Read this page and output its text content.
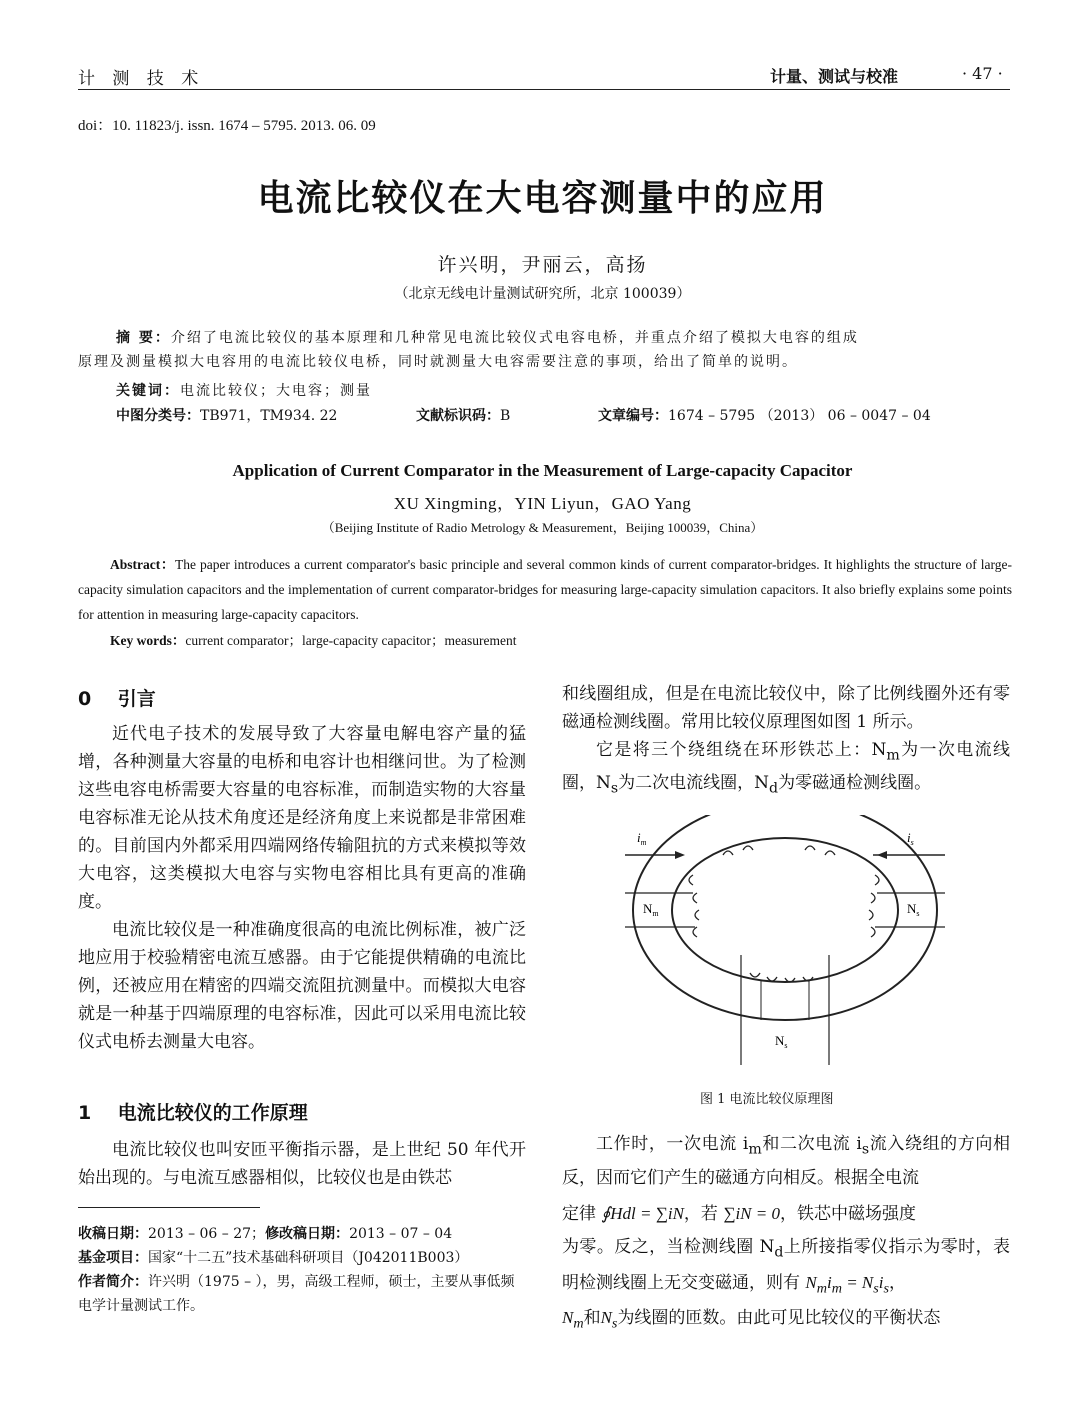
计 测 技 术	计量、测试与校准	· 47 ·
doi：10. 11823/j. issn. 1674 – 5795. 2013. 06. 09
电流比较仪在大电容测量中的应用
许兴明，尹丽云，高扬
（北京无线电计量测试研究所，北京 100039）
摘 要：介绍了电流比较仪的基本原理和几种常见电流比较仪式电容电桥，并重点介绍了模拟大电容的组成
原理及测量模拟大电容用的电流比较仪电桥，同时就测量大电容需要注意的事项，给出了简单的说明。
关键词：电流比较仪；大电容；测量
中图分类号：TB971，TM934. 22	文献标识码：B	文章编号：1674 – 5795 （2013） 06 – 0047 – 04
Application of Current Comparator in the Measurement of Large-capacity Capacitor
XU Xingming，YIN Liyun，GAO Yang
（Beijing Institute of Radio Metrology & Measurement，Beijing 100039，China）
Abstract：The paper introduces a current comparator's basic principle and several common kinds of current comparator-bridges. It highlights the structure of large-capacity simulation capacitors and the implementation of current comparator-bridges for measuring large-capacity simulation capacitors. It also briefly explains some points for attention in measuring large-capacity capacitors.
Key words：current comparator；large-capacity capacitor；measurement
0 引言

近代电子技术的发展导致了大容量电解电容产量的猛增，各种测量大容量的电桥和电容计也相继问世。为了检测这些电容电桥需要大容量的电容标准，而制造实物的大容量电容标准无论从技术角度还是经济角度上来说都是非常困难的。目前国内外都采用四端网络传输阻抗的方式来模拟等效大电容，这类模拟大电容与实物电容相比具有更高的准确度。

电流比较仪是一种准确度很高的电流比例标准，被广泛地应用于校验精密电流互感器。由于它能提供精确的电流比例，还被应用在精密的四端交流阻抗测量中。而模拟大电容就是一种基于四端原理的电容标准，因此可以采用电流比较仪式电桥去测量大电容。

1 电流比较仪的工作原理

电流比较仪也叫安匝平衡指示器，是上世纪 50 年代开始出现的。与电流互感器相似，比较仪也是由铁芯

收稿日期：2013 – 06 – 27；修改稿日期：2013 – 07 – 04
基金项目：国家“十二五”技术基础科研项目（J042011B003）
作者简介：许兴明（1975 – ），男，高级工程师，硕士，主要从事低频电学计量测试工作。

和线圈组成，但是在电流比较仪中，除了比例线圈外还有零磁通检测线圈。常用比较仪原理图如图 1 所示。

它是将三个绕组绕在环形铁芯上：$N_m$为一次电流线圈，$N_s$为二次电流线圈，$N_d$为零磁通检测线圈。

$i_m$	$i_s$
$N_m$	$N_s$
$N_s$
图 1 电流比较仪原理图

工作时，一次电流 $i_m$和二次电流 $i_s$流入绕组的方向相反，因而它们产生的磁通方向相反。根据全电流

定律 ∮Hdl = ∑iN，若 ∑iN = 0，铁芯中磁场强度

为零。反之，当检测线圈 $N_d$上所接指零仪指示为零时，表明检测线圈上无交变磁通，则有 $N_mi_m = N_si_s$，

$N_m$和$N_s$为线圈的匝数。由此可见比较仪的平衡状态
